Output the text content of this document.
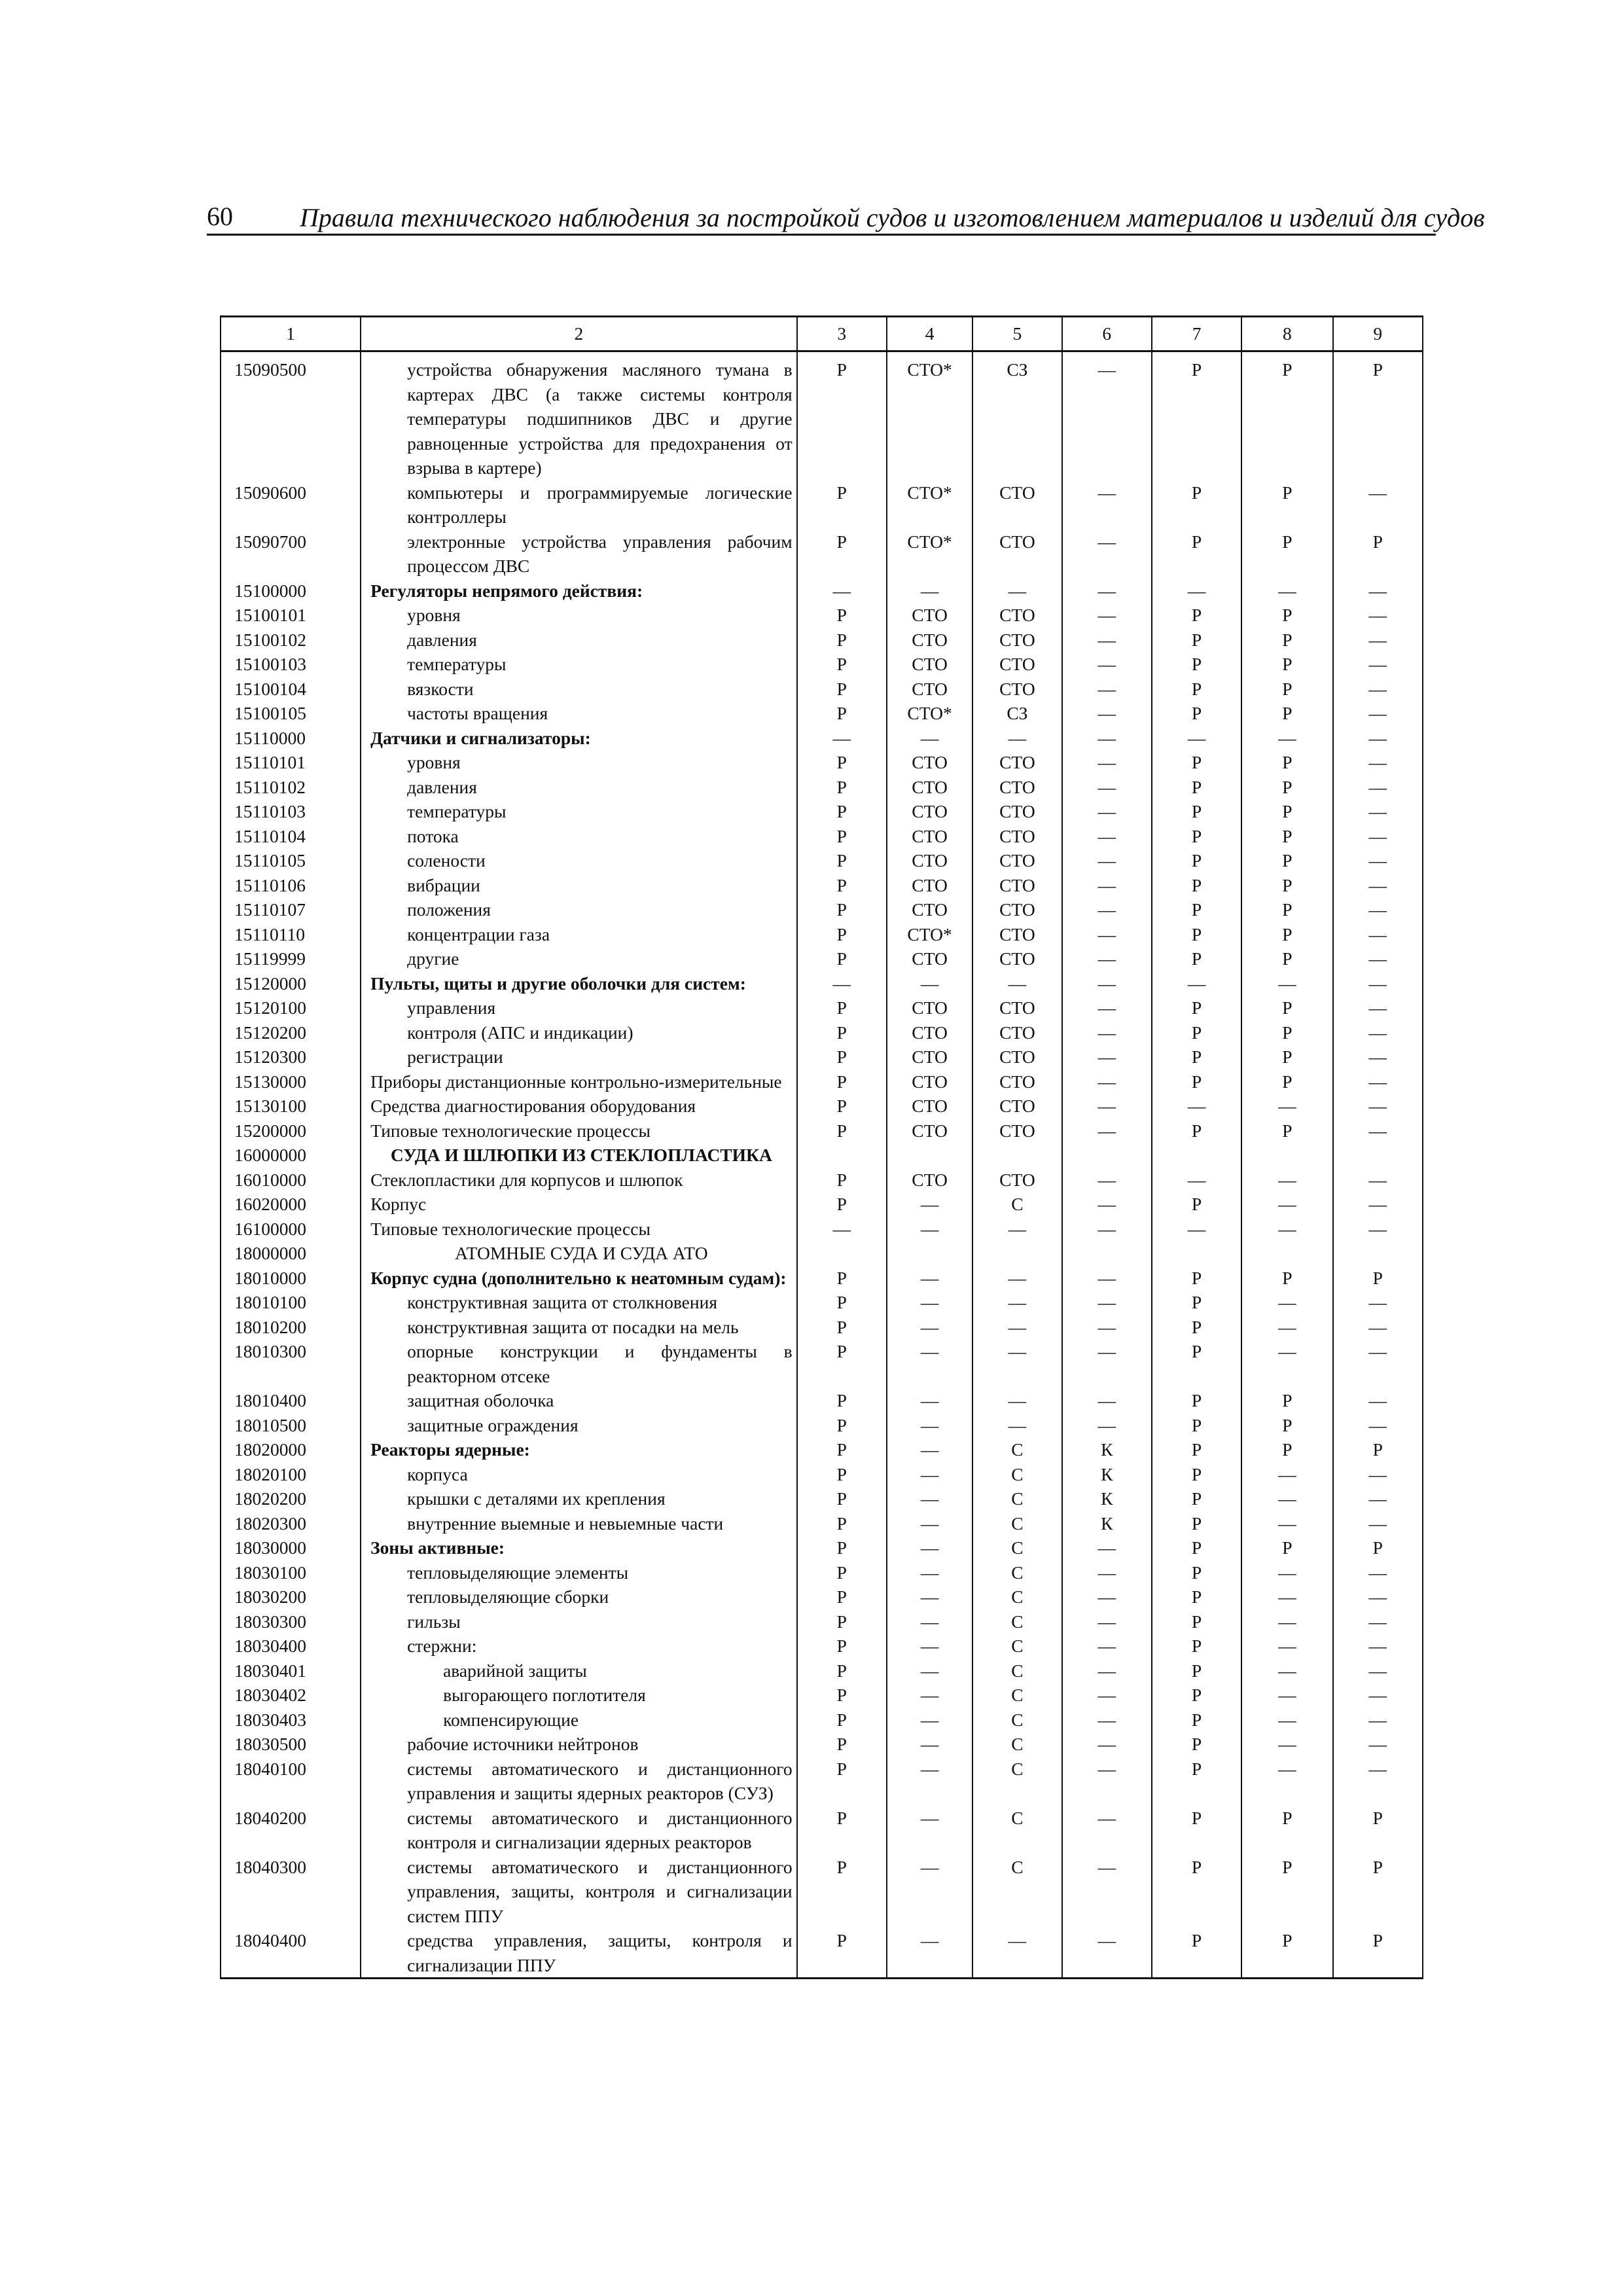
60	Правила технического наблюдения за постройкой судов и изготовлением материалов и изделий для судов
1	2	3	4	5	6	7	8	9
15090500	устройства обнаружения масляного тумана в картерах ДВС (а также системы контроля температуры подшипников ДВС и другие равноценные устройства для предохранения от взрыва в картере)	Р	СТО*	СЗ	—	Р	Р	Р
15090600	компьютеры и программируемые логические контроллеры	Р	СТО*	СТО	—	Р	Р	—
15090700	электронные устройства управления рабочим процессом ДВС	Р	СТО*	СТО	—	Р	Р	Р
15100000	Регуляторы непрямого действия:	—	—	—	—	—	—	—
15100101	уровня	Р	СТО	СТО	—	Р	Р	—
15100102	давления	Р	СТО	СТО	—	Р	Р	—
15100103	температуры	Р	СТО	СТО	—	Р	Р	—
15100104	вязкости	Р	СТО	СТО	—	Р	Р	—
15100105	частоты вращения	Р	СТО*	СЗ	—	Р	Р	—
15110000	Датчики и сигнализаторы:	—	—	—	—	—	—	—
15110101	уровня	Р	СТО	СТО	—	Р	Р	—
15110102	давления	Р	СТО	СТО	—	Р	Р	—
15110103	температуры	Р	СТО	СТО	—	Р	Р	—
15110104	потока	Р	СТО	СТО	—	Р	Р	—
15110105	солености	Р	СТО	СТО	—	Р	Р	—
15110106	вибрации	Р	СТО	СТО	—	Р	Р	—
15110107	положения	Р	СТО	СТО	—	Р	Р	—
15110110	концентрации газа	Р	СТО*	СТО	—	Р	Р	—
15119999	другие	Р	СТО	СТО	—	Р	Р	—
15120000	Пульты, щиты и другие оболочки для систем:	—	—	—	—	—	—	—
15120100	управления	Р	СТО	СТО	—	Р	Р	—
15120200	контроля (АПС и индикации)	Р	СТО	СТО	—	Р	Р	—
15120300	регистрации	Р	СТО	СТО	—	Р	Р	—
15130000	Приборы дистанционные контрольно-измерительные	Р	СТО	СТО	—	Р	Р	—
15130100	Средства диагностирования оборудования	Р	СТО	СТО	—	—	—	—
15200000	Типовые технологические процессы	Р	СТО	СТО	—	Р	Р	—
16000000	СУДА И ШЛЮПКИ ИЗ СТЕКЛОПЛАСТИКА							
16010000	Стеклопластики для корпусов и шлюпок	Р	СТО	СТО	—	—	—	—
16020000	Корпус	Р	—	С	—	Р	—	—
16100000	Типовые технологические процессы	—	—	—	—	—	—	—
18000000	АТОМНЫЕ СУДА И СУДА АТО							
18010000	Корпус судна (дополнительно к неатомным судам):	Р	—	—	—	Р	Р	Р
18010100	конструктивная защита от столкновения	Р	—	—	—	Р	—	—
18010200	конструктивная защита от посадки на мель	Р	—	—	—	Р	—	—
18010300	опорные конструкции и фундаменты в реакторном отсеке	Р	—	—	—	Р	—	—
18010400	защитная оболочка	Р	—	—	—	Р	Р	—
18010500	защитные ограждения	Р	—	—	—	Р	Р	—
18020000	Реакторы ядерные:	Р	—	С	К	Р	Р	Р
18020100	корпуса	Р	—	С	К	Р	—	—
18020200	крышки с деталями их крепления	Р	—	С	К	Р	—	—
18020300	внутренние выемные и невыемные части	Р	—	С	К	Р	—	—
18030000	Зоны активные:	Р	—	С	—	Р	Р	Р
18030100	тепловыделяющие элементы	Р	—	С	—	Р	—	—
18030200	тепловыделяющие сборки	Р	—	С	—	Р	—	—
18030300	гильзы	Р	—	С	—	Р	—	—
18030400	стержни:	Р	—	С	—	Р	—	—
18030401	аварийной защиты	Р	—	С	—	Р	—	—
18030402	выгорающего поглотителя	Р	—	С	—	Р	—	—
18030403	компенсирующие	Р	—	С	—	Р	—	—
18030500	рабочие источники нейтронов	Р	—	С	—	Р	—	—
18040100	системы автоматического и дистанционного управления и защиты ядерных реакторов (СУЗ)	Р	—	С	—	Р	—	—
18040200	системы автоматического и дистанционного контроля и сигнализации ядерных реакторов	Р	—	С	—	Р	Р	Р
18040300	системы автоматического и дистанционного управления, защиты, контроля и сигнализации систем ППУ	Р	—	С	—	Р	Р	Р
18040400	средства управления, защиты, контроля и сигнализации ППУ	Р	—	—	—	Р	Р	Р
